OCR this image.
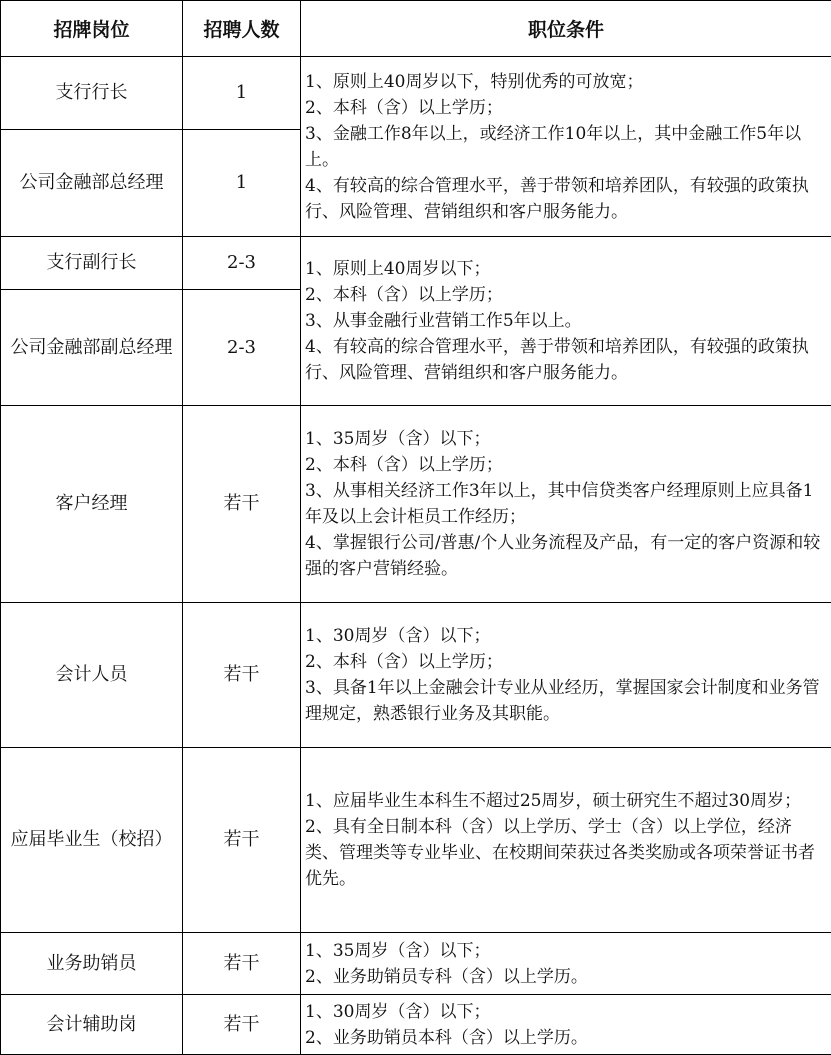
招牌岗位	招聘人数	职位条件
支行行长	1	1、原则上40周岁以下，特别优秀的可放宽；
2、本科（含）以上学历；
3、金融工作8年以上，或经济工作10年以上，其中金融工作5年以上。
4、有较高的综合管理水平，善于带领和培养团队，有较强的政策执行、风险管理、营销组织和客户服务能力。

公司金融部总经理	1	
支行副行长	2-3	1、原则上40周岁以下；
2、本科（含）以上学历；
3、从事金融行业营销工作5年以上。
4、有较高的综合管理水平，善于带领和培养团队，有较强的政策执行、风险管理、营销组织和客户服务能力。

公司金融部副总经理	2-3	
客户经理	若干	1、35周岁（含）以下；
2、本科（含）以上学历；
3、从事相关经济工作3年以上，其中信贷类客户经理原则上应具备1年及以上会计柜员工作经历；
4、掌握银行公司/普惠/个人业务流程及产品，有一定的客户资源和较强的客户营销经验。

会计人员	若干	1、30周岁（含）以下；
2、本科（含）以上学历；
3、具备1年以上金融会计专业从业经历，掌握国家会计制度和业务管理规定，熟悉银行业务及其职能。

应届毕业生（校招）	若干	1、应届毕业生本科生不超过25周岁，硕士研究生不超过30周岁；
2、具有全日制本科（含）以上学历、学士（含）以上学位，经济类、管理类等专业毕业、在校期间荣获过各类奖励或各项荣誉证书者优先。

业务助销员	若干	1、35周岁（含）以下；
2、业务助销员专科（含）以上学历。

会计辅助岗	若干	1、30周岁（含）以下；
2、业务助销员本科（含）以上学历。
